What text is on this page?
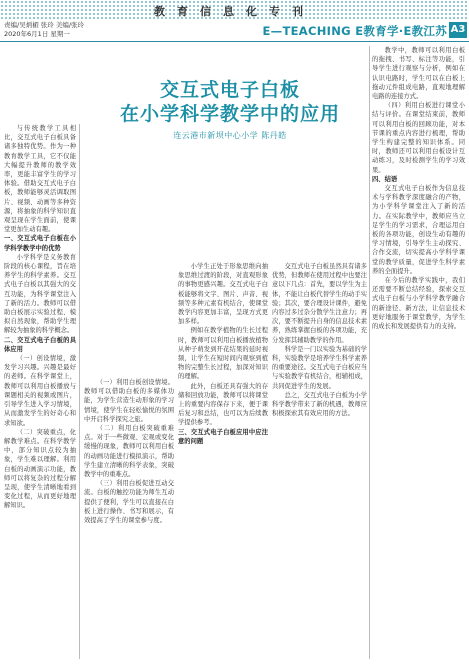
教育信息化专刊
责编/吴炳楣 张玲 美编/张玲
2020年6月1日 星期一	E—TEACHING E教育学·E教江苏 A3
交互式电子白板
在小学科学教学中的应用
连云港市新坝中心小学 陈丹皓

与传统教学工具相比，交互式电子白板具备诸多独特优势。作为一种教育教学工具，它不仅能大幅提升教师的教学效率，更能丰富学生的学习体验。借助交互式电子白板，教师能够灵活调取图片、视频、动画等多种资源，将抽象的科学知识直观呈现在学生面前，使课堂更加生动有趣。

一、交互式电子白板在小学科学教学中的优势

小学科学是义务教育阶段的核心课程，旨在培养学生的科学素养。交互式电子白板以其强大的交互功能，为科学课堂注入了新的活力。教师可以借助白板展示实验过程、模拟自然现象，帮助学生理解较为抽象的科学概念。

二、交互式电子白板的具体应用

（一）创设情境，激发学习兴趣。兴趣是最好的老师。在科学课堂上，教师可以利用白板播放与课题相关的视频或图片，引导学生进入学习情境，从而激发学生的好奇心和求知欲。

（二）突破重点，化解教学难点。在科学教学中，部分知识点较为抽象，学生难以理解。利用白板的动画演示功能，教师可以将复杂的过程分解呈现，使学生清晰地看到变化过程，从而更好地理解知识。

（一）利用白板创设情境。教师可以借助白板的多媒体功能，为学生营造生动形象的学习情境，使学生在轻松愉悦的氛围中开启科学探究之旅。

（二）利用白板突破重难点。对于一些微观、宏观或变化缓慢的现象，教师可以利用白板的动画功能进行模拟演示，帮助学生建立清晰的科学表象，突破教学中的重难点。

（三）利用白板促进互动交流。白板的触控功能为师生互动提供了便利，学生可以直接在白板上进行操作、书写和展示，有效提高了学生的课堂参与度。

小学生正处于形象思维向抽象思维过渡的阶段，对直观形象的事物更感兴趣。交互式电子白板能够将文字、图片、声音、视频等多种元素有机结合，使课堂教学内容更加丰富，呈现方式更加多样。

例如在教学植物的生长过程时，教师可以利用白板播放植物从种子萌发到开花结果的延时视频，让学生在短时间内观察到植物的完整生长过程，加深对知识的理解。

此外，白板还具有强大的存储和回放功能，教师可以将课堂上的重要内容保存下来，便于课后复习和总结，也可以为后续教学提供参考。

三、交互式电子白板应用中应注意的问题

交互式电子白板虽然具有诸多优势，但教师在使用过程中也要注意以下几点：首先，要以学生为主体，不能让白板代替学生的动手实验；其次，要合理设计课件，避免内容过多过杂分散学生注意力；再次，要不断提升自身的信息技术素养，熟练掌握白板的各项功能，充分发挥其辅助教学的作用。

科学是一门以实验为基础的学科，实验教学是培养学生科学素养的重要途径。交互式电子白板应当与实验教学有机结合，相辅相成，共同促进学生的发展。

总之，交互式电子白板为小学科学教学带来了新的机遇，教师应积极探索其有效应用的方法。

教学中，教师可以利用白板的拖拽、书写、标注等功能，引导学生进行观察与分析，例如在认识电路时，学生可以在白板上拖动元件组成电路，直观地理解电路的连接方式。

（四）利用白板进行课堂小结与评价。在课堂结束前，教师可以利用白板的回顾功能，对本节课的重点内容进行梳理，帮助学生构建完整的知识体系。同时，教师还可以利用白板设计互动练习，及时检测学生的学习效果。

四、结语

交互式电子白板作为信息技术与学科教学深度融合的产物，为小学科学课堂注入了新的活力。在实际教学中，教师应当立足学生的学习需求，合理运用白板的各项功能，创设生动有趣的学习情境，引导学生主动探究、合作交流，切实提高小学科学课堂的教学质量，促进学生科学素养的全面提升。

在今后的教学实践中，我们还需要不断总结经验，探索交互式电子白板与小学科学教学融合的新途径、新方法，让信息技术更好地服务于课堂教学，为学生的成长和发展提供有力的支持。
